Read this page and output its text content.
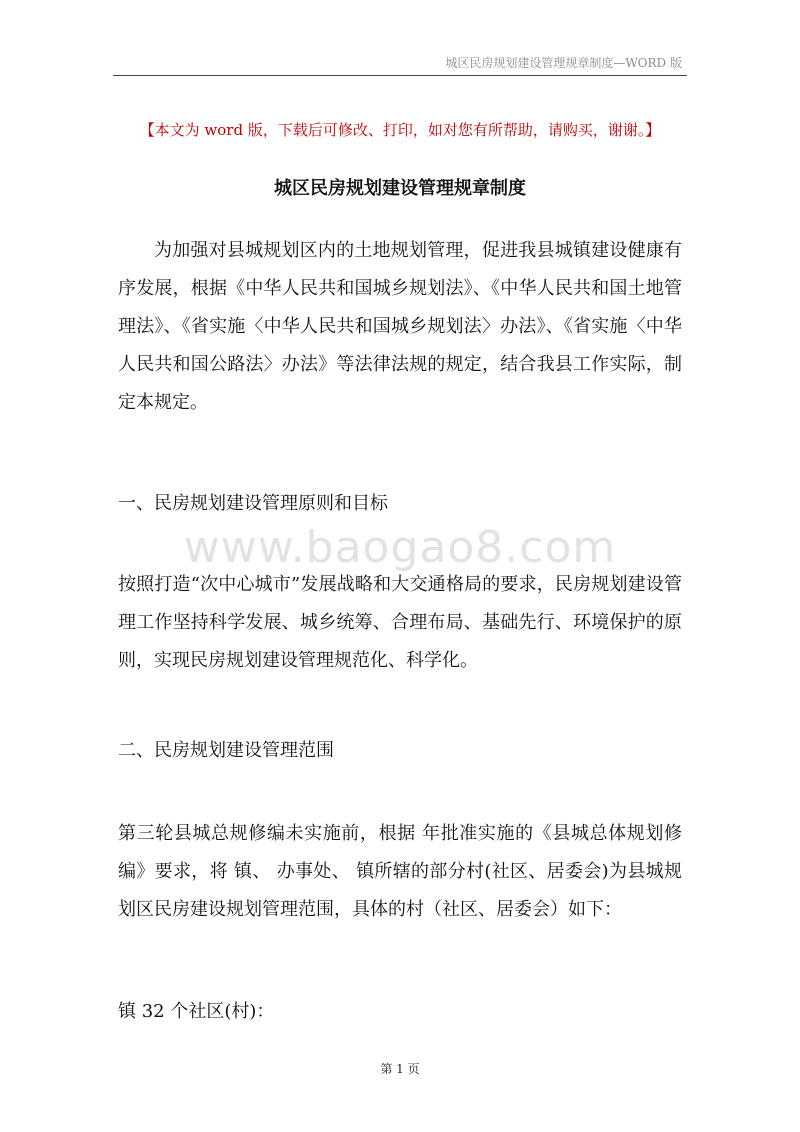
城区民房规划建设管理规章制度—WORD 版
【本文为 word 版，下载后可修改、打印，如对您有所帮助，请购买，谢谢。】
城区民房规划建设管理规章制度

为加强对县城规划区内的土地规划管理，促进我县城镇建设健康有序发展，根据《中华人民共和国城乡规划法》、《中华人民共和国土地管理法》、《省实施〈中华人民共和国城乡规划法〉办法》、《省实施〈中华人民共和国公路法〉办法》等法律法规的规定，结合我县工作实际，制定本规定。

一、民房规划建设管理原则和目标

www.baogao8.com

按照打造“次中心城市”发展战略和大交通格局的要求，民房规划建设管理工作坚持科学发展、城乡统筹、合理布局、基础先行、环境保护的原则，实现民房规划建设管理规范化、科学化。

二、民房规划建设管理范围

第三轮县城总规修编未实施前，根据 年批准实施的《县城总体规划修编》要求，将 镇、 办事处、 镇所辖的部分村(社区、居委会)为县城规划区民房建设规划管理范围，具体的村（社区、居委会）如下：

镇 32 个社区(村)：

第 1 页
